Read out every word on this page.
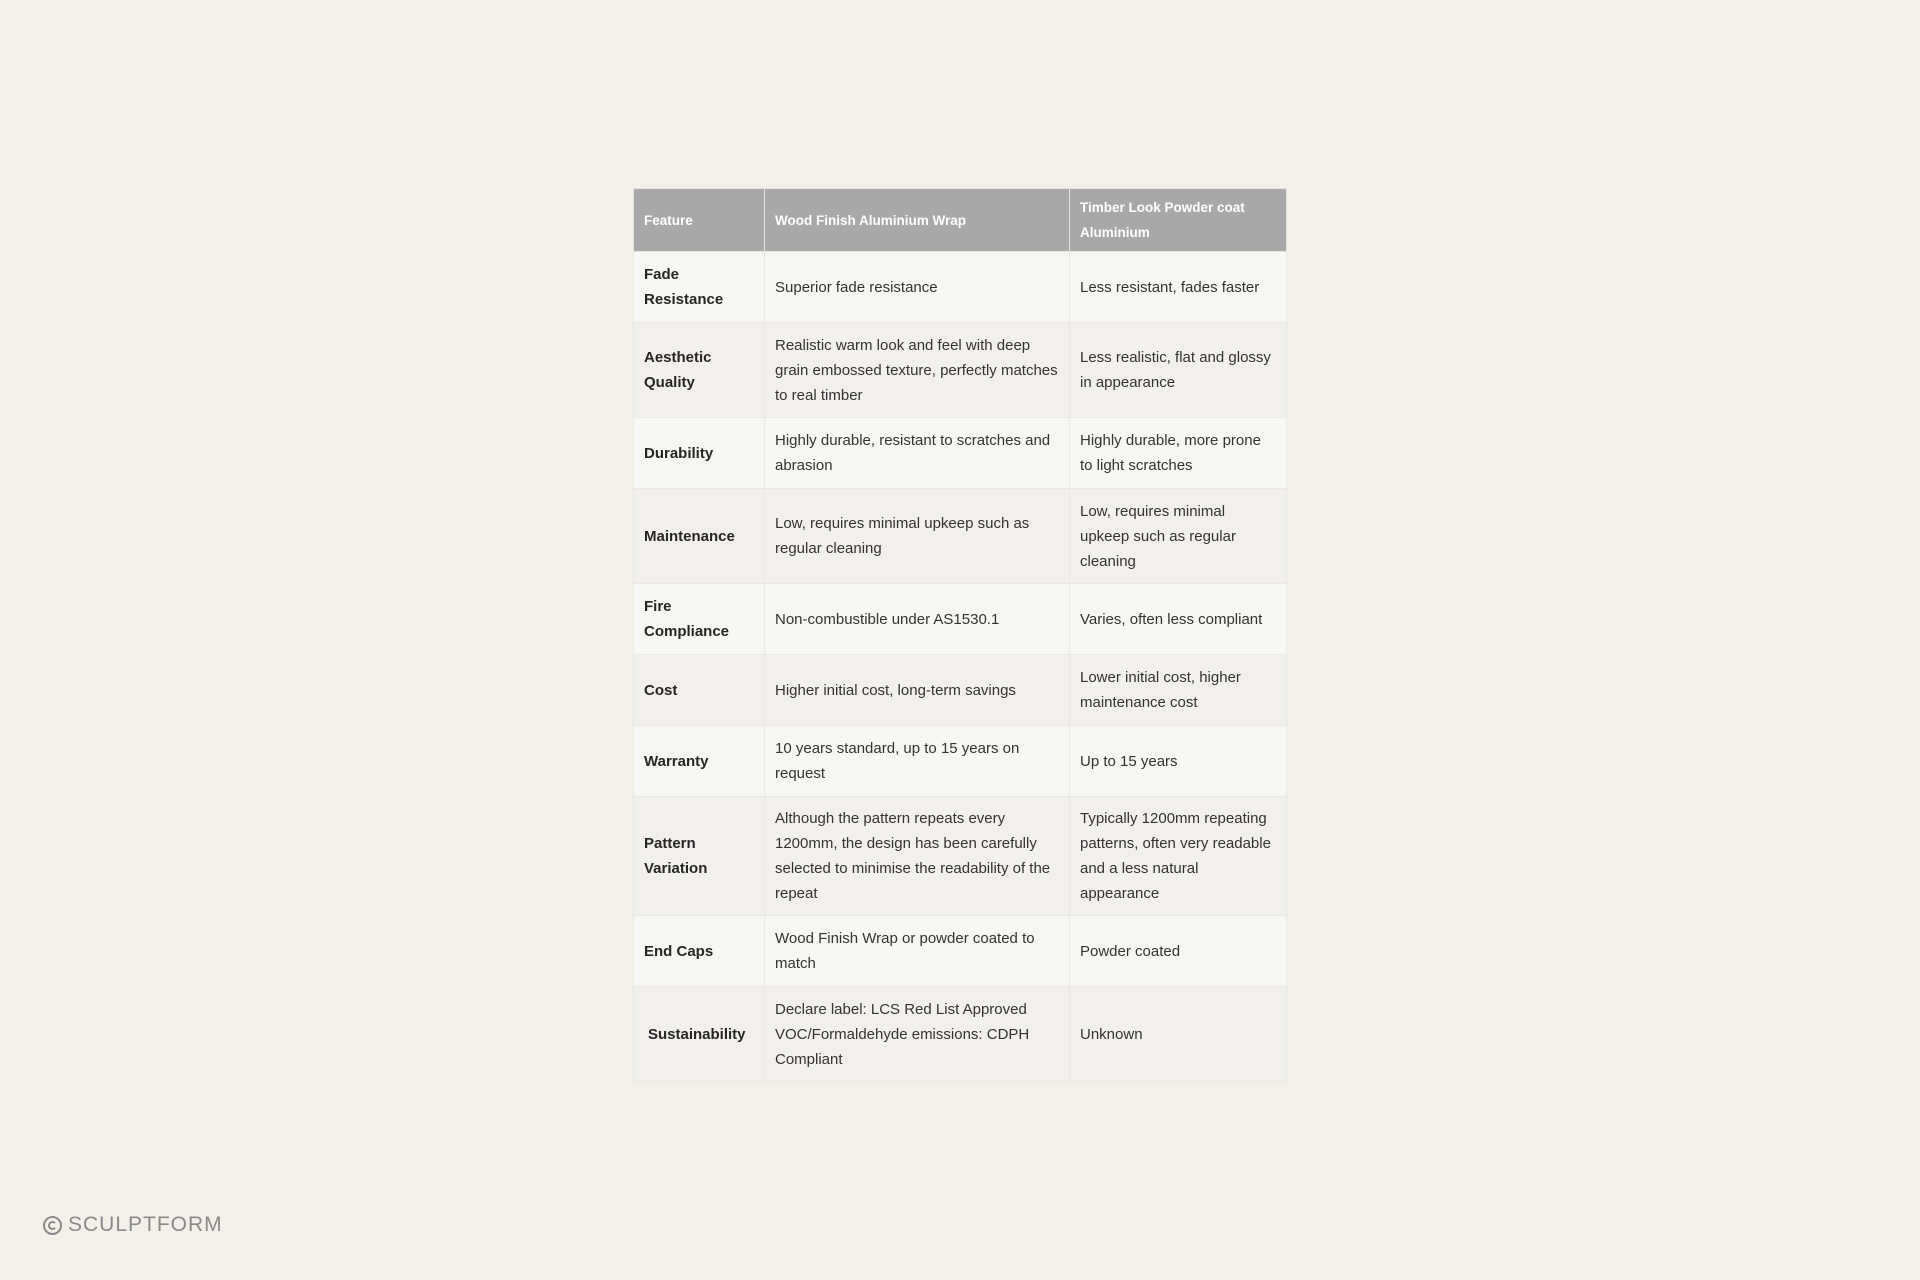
Feature	Wood Finish Aluminium Wrap	Timber Look Powder coat Aluminium
Fade Resistance	Superior fade resistance	Less resistant, fades faster
Aesthetic Quality	Realistic warm look and feel with deep grain embossed texture, perfectly matches to real timber	Less realistic, flat and glossy in appearance
Durability	Highly durable, resistant to scratches and abrasion	Highly durable, more prone to light scratches
Maintenance	Low, requires minimal upkeep such as regular cleaning	Low, requires minimal upkeep such as regular cleaning
Fire Compliance	Non-combustible under AS1530.1	Varies, often less compliant
Cost	Higher initial cost, long-term savings	Lower initial cost, higher maintenance cost
Warranty	10 years standard, up to 15 years on request	Up to 15 years
Pattern Variation	Although the pattern repeats every 1200mm, the design has been carefully selected to minimise the readability of the repeat	Typically 1200mm repeating patterns, often very readable and a less natural appearance
End Caps	Wood Finish Wrap or powder coated to match	Powder coated
Sustainability	Declare label: LCS Red List Approved VOC/Formaldehyde emissions: CDPH Compliant	Unknown
SCULPTFORM
